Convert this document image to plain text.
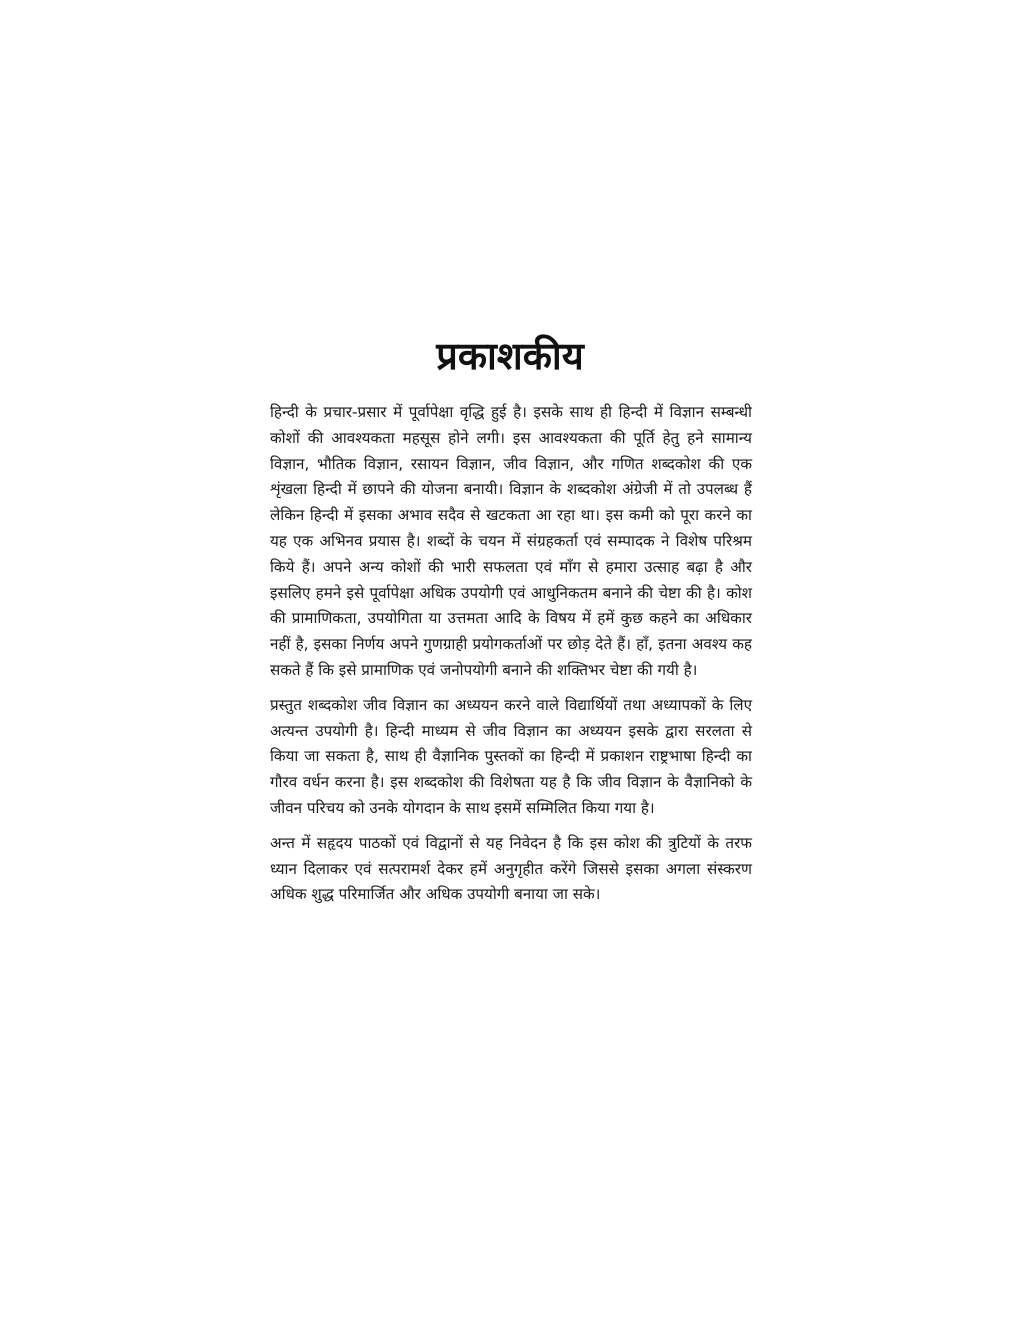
प्रकाशकीय

हिन्दी के प्रचार-प्रसार में पूर्वापेक्षा वृद्धि हुई है। इसके साथ ही हिन्दी में विज्ञान सम्बन्धी कोशों की आवश्यकता महसूस होने लगी। इस आवश्यकता की पूर्ति हेतु हने सामान्य विज्ञान, भौतिक विज्ञान, रसायन विज्ञान, जीव विज्ञान, और गणित शब्दकोश की एक शृंखला हिन्दी में छापने की योजना बनायी। विज्ञान के शब्दकोश अंग्रेजी में तो उपलब्ध हैं लेकिन हिन्दी में इसका अभाव सदैव से खटकता आ रहा था। इस कमी को पूरा करने का यह एक अभिनव प्रयास है। शब्दों के चयन में संग्रहकर्ता एवं सम्पादक ने विशेष परिश्रम किये हैं। अपने अन्य कोशों की भारी सफलता एवं माँग से हमारा उत्साह बढ़ा है और इसलिए हमने इसे पूर्वापेक्षा अधिक उपयोगी एवं आधुनिकतम बनाने की चेष्टा की है। कोश की प्रामाणिकता, उपयोगिता या उत्तमता आदि के विषय में हमें कुछ कहने का अधिकार नहीं है, इसका निर्णय अपने गुणग्राही प्रयोगकर्ताओं पर छोड़ देते हैं। हाँ, इतना अवश्य कह सकते हैं कि इसे प्रामाणिक एवं जनोपयोगी बनाने की शक्तिभर चेष्टा की गयी है।

प्रस्तुत शब्दकोश जीव विज्ञान का अध्ययन करने वाले विद्यार्थियों तथा अध्यापकों के लिए अत्यन्त उपयोगी है। हिन्दी माध्यम से जीव विज्ञान का अध्ययन इसके द्वारा सरलता से किया जा सकता है, साथ ही वैज्ञानिक पुस्तकों का हिन्दी में प्रकाशन राष्ट्रभाषा हिन्दी का गौरव वर्धन करना है। इस शब्दकोश की विशेषता यह है कि जीव विज्ञान के वैज्ञानिको के जीवन परिचय को उनके योगदान के साथ इसमें सम्मिलित किया गया है।

अन्त में सहृदय पाठकों एवं विद्वानों से यह निवेदन है कि इस कोश की त्रुटियों के तरफ ध्यान दिलाकर एवं सत्परामर्श देकर हमें अनुगृहीत करेंगे जिससे इसका अगला संस्करण अधिक शुद्ध परिमार्जित और अधिक उपयोगी बनाया जा सके।
